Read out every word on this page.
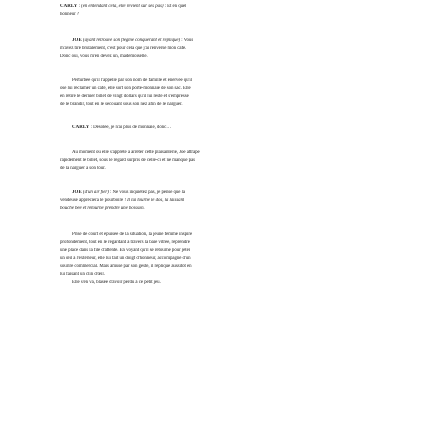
CARLY : (en entendant cela, elle revient sur ses pas) : Et en quel
honneur ?
JOE (ayant retrouvé son flegme conquérant et réplique) : Vous
m'avez tiré brutalement, c'est pour cela que j'ai renversé mon café.
Donc oui, vous m'en devez un, mademoiselle.
Perturbée qu'il l'appelle par son nom de famille et énervée qu'il
ose lui réclamer un café, elle sort son porte-monnaie de son sac. Elle
en retire le dernier billet de vingt dollars qu'il lui reste et s'empresse
de le brandir, tout en le secouant sous son nez afin de le narguer.
CARLY : Désolée, je n'ai plus de monnaie, donc…
Au moment où elle s'apprête à arrêter cette plaisanterie, Joe attrape
rapidement le billet, sous le regard surpris de celle-ci et ne manque pas
de la narguer à son tour.
JOE (d'un air fier) : Ne vous inquiétez pas, je pense que la
vendeuse appréciera le pourboire ! Il lui tourne le dos, la laissant
bouche bée et retourne prendre une boisson.
Prise de court et épuisée de la situation, la jeune femme inspire
profondément, tout en le regardant à travers la baie vitrée, reprendre
une place dans la file d'attente. En voyant qu'il se retourne pour jeter
un œil à l'extérieur, elle lui fait un doigt d'honneur, accompagné d'un
sourire commercial. Mais amusé par son geste, il réplique aussitôt en
lui faisant un clin d'œil.
Elle s'en va, blasée d'avoir perdu à ce petit jeu.
